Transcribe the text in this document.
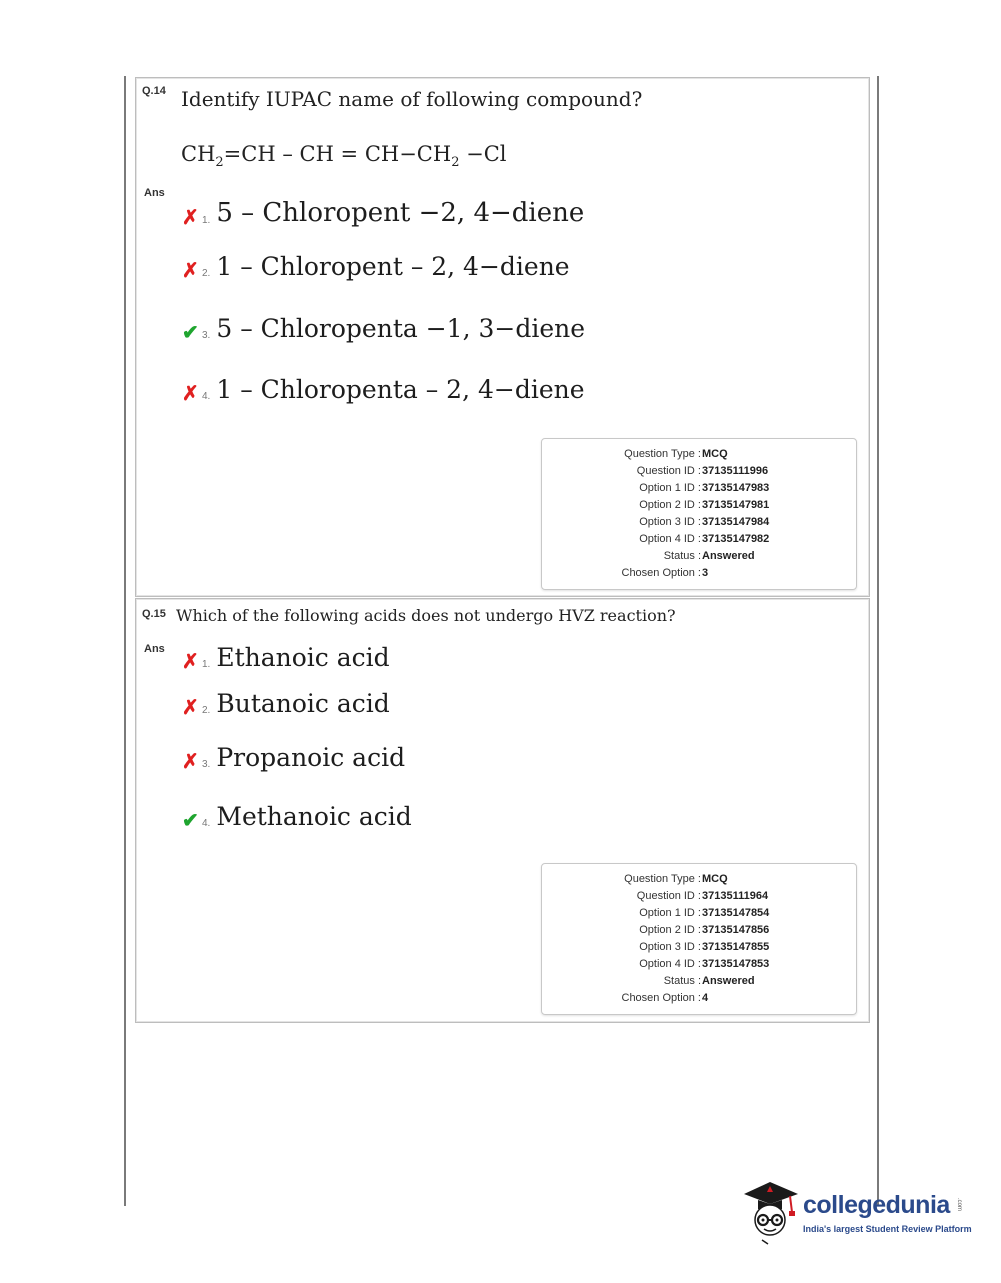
Q.14 Identify IUPAC name of following compound?
$CH_2=CH$ – CH = $CH-CH_2 -Cl$
Ans
✗ 1. 5 – Chloropent −2, 4−diene
✗ 2. 1 – Chloropent – 2, 4−diene
✔ 3. 5 – Chloropenta −1, 3−diene
✗ 4. 1 – Chloropenta – 2, 4−diene
Question Type : MCQ
Question ID : 37135111996
Option 1 ID : 37135147983
Option 2 ID : 37135147981
Option 3 ID : 37135147984
Option 4 ID : 37135147982
Status : Answered
Chosen Option : 3
Q.15 Which of the following acids does not undergo HVZ reaction?
Ans
✗ 1. Ethanoic acid
✗ 2. Butanoic acid
✗ 3. Propanoic acid
✔ 4. Methanoic acid
Question Type : MCQ
Question ID : 37135111964
Option 1 ID : 37135147854
Option 2 ID : 37135147856
Option 3 ID : 37135147855
Option 4 ID : 37135147853
Status : Answered
Chosen Option : 4
collegedunia .com
India's largest Student Review Platform
